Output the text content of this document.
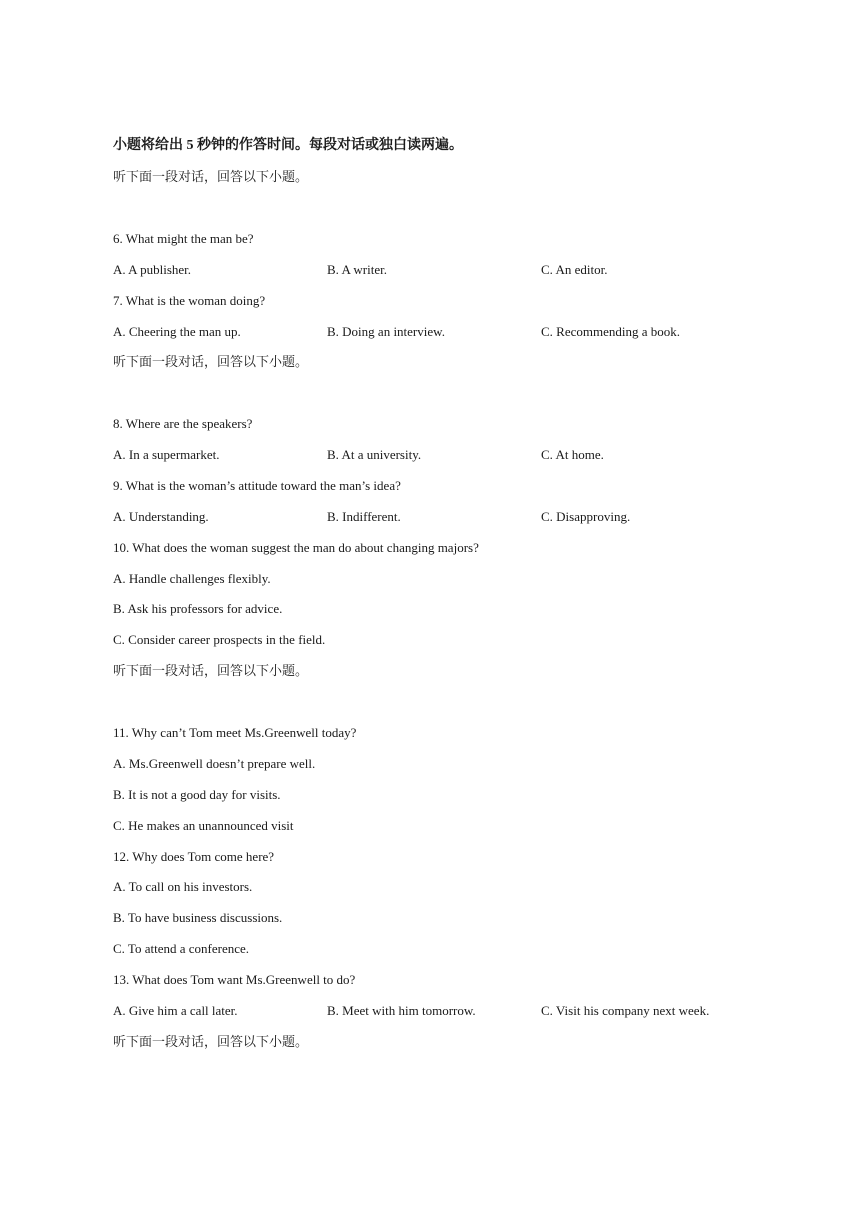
小题将给出 5 秒钟的作答时间。每段对话或独白读两遍。
听下面一段对话，回答以下小题。
6. What might the man be?
A. A publisher.	B. A writer.	C. An editor.
7. What is the woman doing?
A. Cheering the man up.	B. Doing an interview.	C. Recommending a book.
听下面一段对话，回答以下小题。
8. Where are the speakers?
A. In a supermarket.	B. At a university.	C. At home.
9. What is the woman’s attitude toward the man’s idea?
A. Understanding.	B. Indifferent.	C. Disapproving.
10. What does the woman suggest the man do about changing majors?
A. Handle challenges flexibly.
B. Ask his professors for advice.
C. Consider career prospects in the field.
听下面一段对话，回答以下小题。
11. Why can’t Tom meet Ms.Greenwell today?
A. Ms.Greenwell doesn’t prepare well.
B. It is not a good day for visits.
C. He makes an unannounced visit
12. Why does Tom come here?
A. To call on his investors.
B. To have business discussions.
C. To attend a conference.
13. What does Tom want Ms.Greenwell to do?
A. Give him a call later.	B. Meet with him tomorrow.	C. Visit his company next week.
听下面一段对话，回答以下小题。
